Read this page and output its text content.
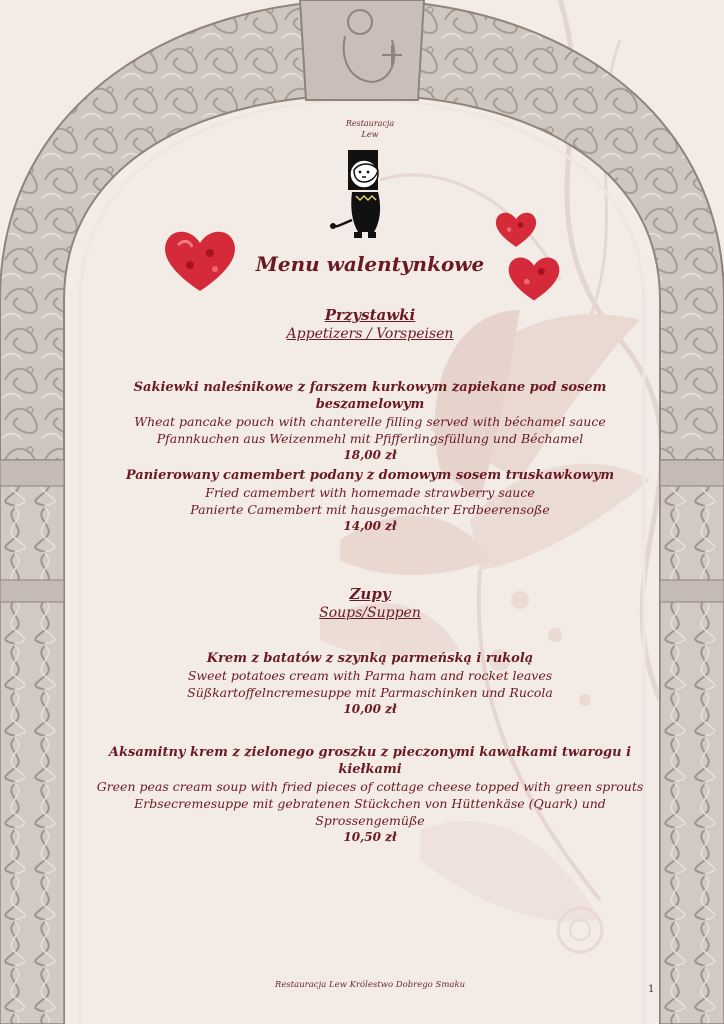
Restauracja
Lew
Menu walentynkowe
Przystawki
Appetizers / Vorspeisen
Sakiewki naleśnikowe z farszem kurkowym zapiekane pod sosem beszamelowym
Wheat pancake pouch with chanterelle filling served with béchamel sauce
Pfannkuchen aus Weizenmehl mit Pfifferlingsfüllung und Béchamel
18,00 zł
Panierowany camembert podany z domowym sosem truskawkowym
Fried camembert with homemade strawberry sauce
Panierte Camembert mit hausgemachter Erdbeerensoße
14,00 zł
Zupy
Soups/Suppen
Krem z batatów z szynką parmeńską i rukolą
Sweet potatoes cream with Parma ham and rocket leaves
Süßkartoffelncremesuppe mit Parmaschinken und Rucola
10,00 zł
Aksamitny krem z zielonego groszku z pieczonymi kawałkami twarogu i kiełkami
Green peas cream soup with fried pieces of cottage cheese topped with green sprouts
Erbsecremesuppe mit gebratenen Stückchen von Hüttenkäse (Quark) und Sprossengemüße
10,50 zł
Restauracja Lew Królestwo Dobrego Smaku	1
